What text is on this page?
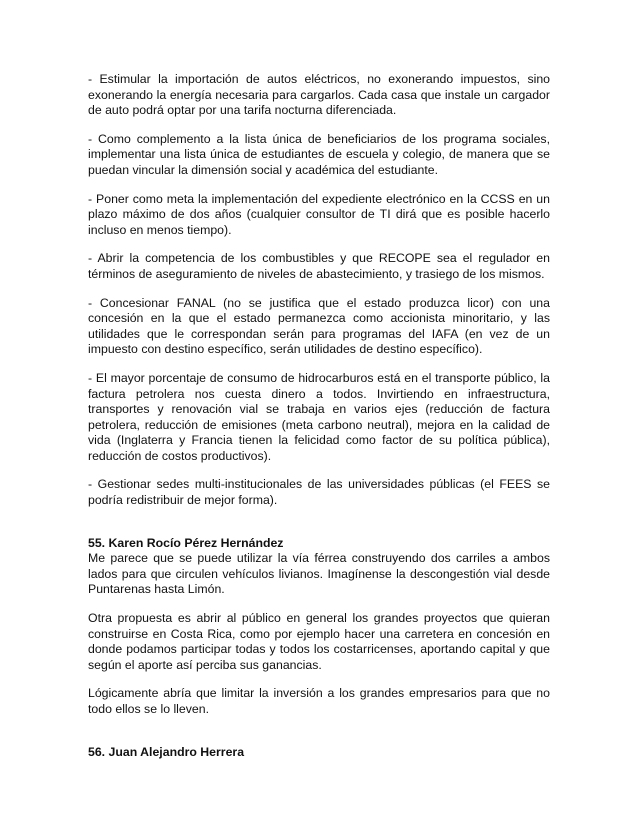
- Estimular la importación de autos eléctricos, no exonerando impuestos, sino exonerando la energía necesaria para cargarlos. Cada casa que instale un cargador de auto podrá optar por una tarifa nocturna diferenciada.

- Como complemento a la lista única de beneficiarios de los programa sociales, implementar una lista única de estudiantes de escuela y colegio, de manera que se puedan vincular la dimensión social y académica del estudiante.

- Poner como meta la implementación del expediente electrónico en la CCSS en un plazo máximo de dos años (cualquier consultor de TI dirá que es posible hacerlo incluso en menos tiempo).

- Abrir la competencia de los combustibles y que RECOPE sea el regulador en términos de aseguramiento de niveles de abastecimiento, y trasiego de los mismos.

- Concesionar FANAL (no se justifica que el estado produzca licor) con una concesión en la que el estado permanezca como accionista minoritario, y las utilidades que le correspondan serán para programas del IAFA (en vez de un impuesto con destino específico, serán utilidades de destino específico).

- El mayor porcentaje de consumo de hidrocarburos está en el transporte público, la factura petrolera nos cuesta dinero a todos. Invirtiendo en infraestructura, transportes y renovación vial se trabaja en varios ejes (reducción de factura petrolera, reducción de emisiones (meta carbono neutral), mejora en la calidad de vida (Inglaterra y Francia tienen la felicidad como factor de su política pública), reducción de costos productivos).

- Gestionar sedes multi-institucionales de las universidades públicas (el FEES se podría redistribuir de mejor forma).

55. Karen Rocío Pérez Hernández

Me parece que se puede utilizar la vía férrea construyendo dos carriles a ambos lados para que circulen vehículos livianos. Imagínense la descongestión vial desde Puntarenas hasta Limón.

Otra propuesta es abrir al público en general los grandes proyectos que quieran construirse en Costa Rica, como por ejemplo hacer una carretera en concesión en donde podamos participar todas y todos los costarricenses, aportando capital y que según el aporte así perciba sus ganancias.

Lógicamente abría que limitar la inversión a los grandes empresarios para que no todo ellos se lo lleven.

56. Juan Alejandro Herrera
